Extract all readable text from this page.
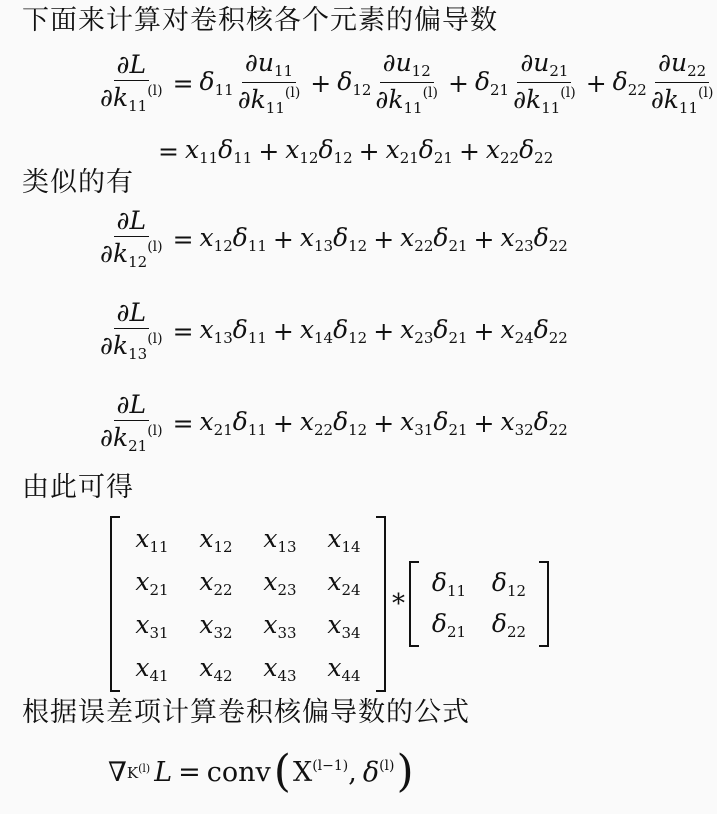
下面来计算对卷积核各个元素的偏导数
类似的有
由此可得
根据误差项计算卷积核偏导数的公式
$\frac{\partial L}{\partial k_{11}^{(l)}} = \delta_{11} \frac{\partial u_{11}}{\partial k_{11}^{(l)}} + \delta_{12} \frac{\partial u_{12}}{\partial k_{11}^{(l)}} + \delta_{21} \frac{\partial u_{21}}{\partial k_{11}^{(l)}} + \delta_{22} \frac{\partial u_{22}}{\partial k_{11}^{(l)}}$
= $x_{11}$ $\delta_{11} + x_{12}$ $\delta_{12} + x_{21}$ $\delta_{21} + x_{22}$ $\delta_{22}$
$\frac{\partial L}{\partial k_{12}^{(l)}} = x_{12}$ $\delta_{11} + x_{13}$ $\delta_{12} + x_{22}$ $\delta_{21} + x_{23}$ $\delta_{22}$
$\frac{\partial L}{\partial k_{13}^{(l)}} = x_{13}$ $\delta_{11} + x_{14}$ $\delta_{12} + x_{23}$ $\delta_{21} + x_{24}$ $\delta_{22}$
$\frac{\partial L}{\partial k_{21}^{(l)}} = x_{21}$ $\delta_{11} + x_{22}$ $\delta_{12} + x_{31}$ $\delta_{21} + x_{32}$ $\delta_{22}$
$x_{11}$	$x_{12}$	$x_{13}$	$x_{14}$
$x_{21}$	$x_{22}$	$x_{23}$	$x_{24}$
$x_{31}$	$x_{32}$	$x_{33}$	$x_{34}$
$x_{41}$	$x_{42}$	$x_{43}$	$x_{44}$
*
$\delta_{11}$	$\delta_{12}$
$\delta_{21}$	$\delta_{22}$
∇ $K^{(l)}$ L = conv ( $X^{(l-1)}$ , $\delta^{(l)}$ )
